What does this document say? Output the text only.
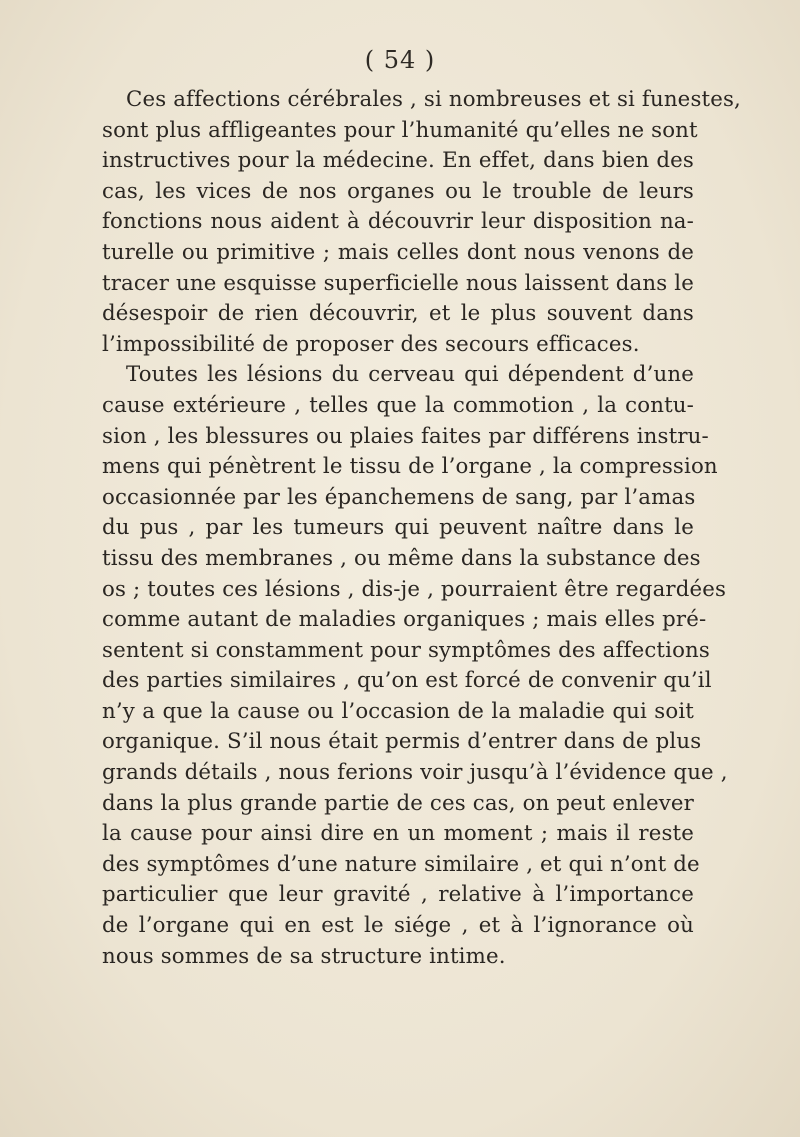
( 54 )
Ces affections cérébrales , si nombreuses et si funestes,
sont plus affligeantes pour l’humanité qu’elles ne sont
instructives pour la médecine. En effet, dans bien des
cas, les vices de nos organes ou le trouble de leurs
fonctions nous aident à découvrir leur disposition na-
turelle ou primitive ; mais celles dont nous venons de
tracer une esquisse superficielle nous laissent dans le
désespoir de rien découvrir, et le plus souvent dans
l’impossibilité de proposer des secours efficaces.
Toutes les lésions du cerveau qui dépendent d’une
cause extérieure , telles que la commotion , la contu-
sion , les blessures ou plaies faites par différens instru-
mens qui pénètrent le tissu de l’organe , la compression
occasionnée par les épanchemens de sang, par l’amas
du pus , par les tumeurs qui peuvent naître dans le
tissu des membranes , ou même dans la substance des
os ; toutes ces lésions , dis-je , pourraient être regardées
comme autant de maladies organiques ; mais elles pré-
sentent si constamment pour symptômes des affections
des parties similaires , qu’on est forcé de convenir qu’il
n’y a que la cause ou l’occasion de la maladie qui soit
organique. S’il nous était permis d’entrer dans de plus
grands détails , nous ferions voir jusqu’à l’évidence que ,
dans la plus grande partie de ces cas, on peut enlever
la cause pour ainsi dire en un moment ; mais il reste
des symptômes d’une nature similaire , et qui n’ont de
particulier que leur gravité , relative à l’importance
de l’organe qui en est le siége , et à l’ignorance où
nous sommes de sa structure intime.
